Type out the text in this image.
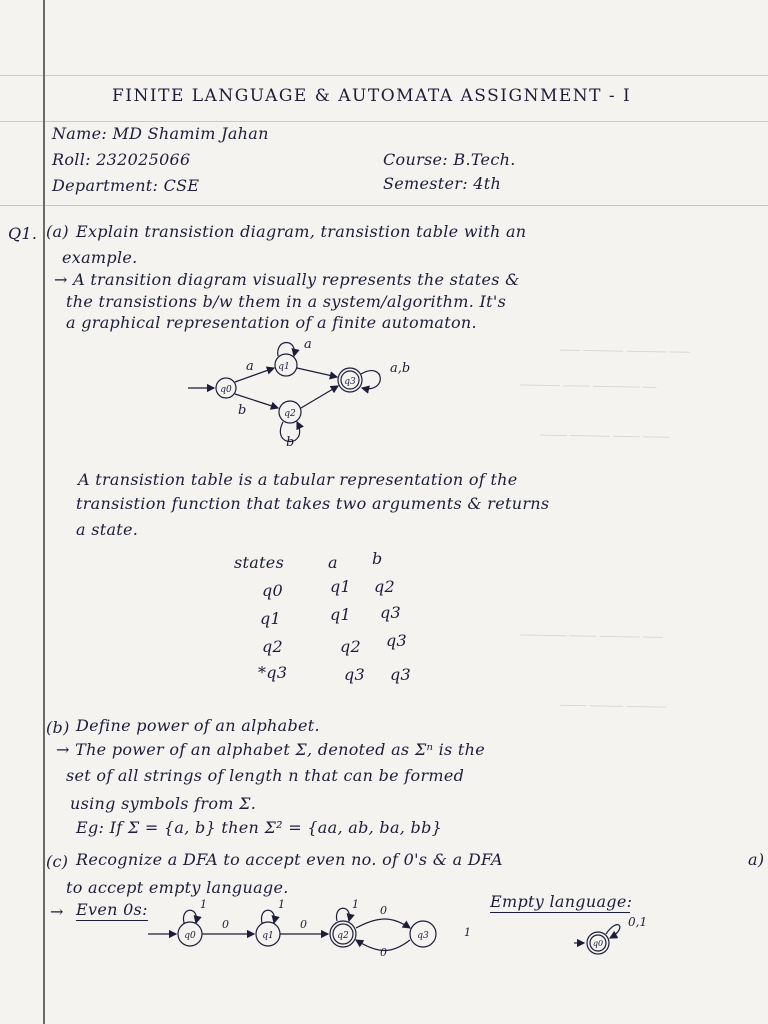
─── ────── ────── ───
────── ──── ─────── ──
──── ────── ──── ────
─────── ──── ────── ───
──── ───── ──────
FINITE LANGUAGE & AUTOMATA ASSIGNMENT - I
Name: MD Shamim Jahan
Roll: 232025066	Course: B.Tech.
Department: CSE	Semester: 4th
Q1. (a) Explain transistion diagram, transistion table with an
example.
→ A transition diagram visually represents the states &
the transistions b/w them in a system/algorithm. It's
a graphical representation of a finite automaton.
q1
q0
q2
q3
a
a
a,b
b
b
A transistion table is a tabular representation of the
transistion function that takes two arguments & returns
a state.
states	a b
q0	q1 q2
q1	q1 q3
q2	q2 q3
*q3	q3 q3
(b) Define power of an alphabet.
→ The power of an alphabet Σ, denoted as Σⁿ is the
set of all strings of length n that can be formed
using symbols from Σ.
Eg: If Σ = {a, b} then Σ² = {aa, ab, ba, bb}
(c) Recognize a DFA to accept even no. of 0's & a DFA	a)
to accept empty language.
→ Even 0s:	Empty language:
q0	q1	q2	q3
1
0
1
0
1 0
0
1
q0
0,1
